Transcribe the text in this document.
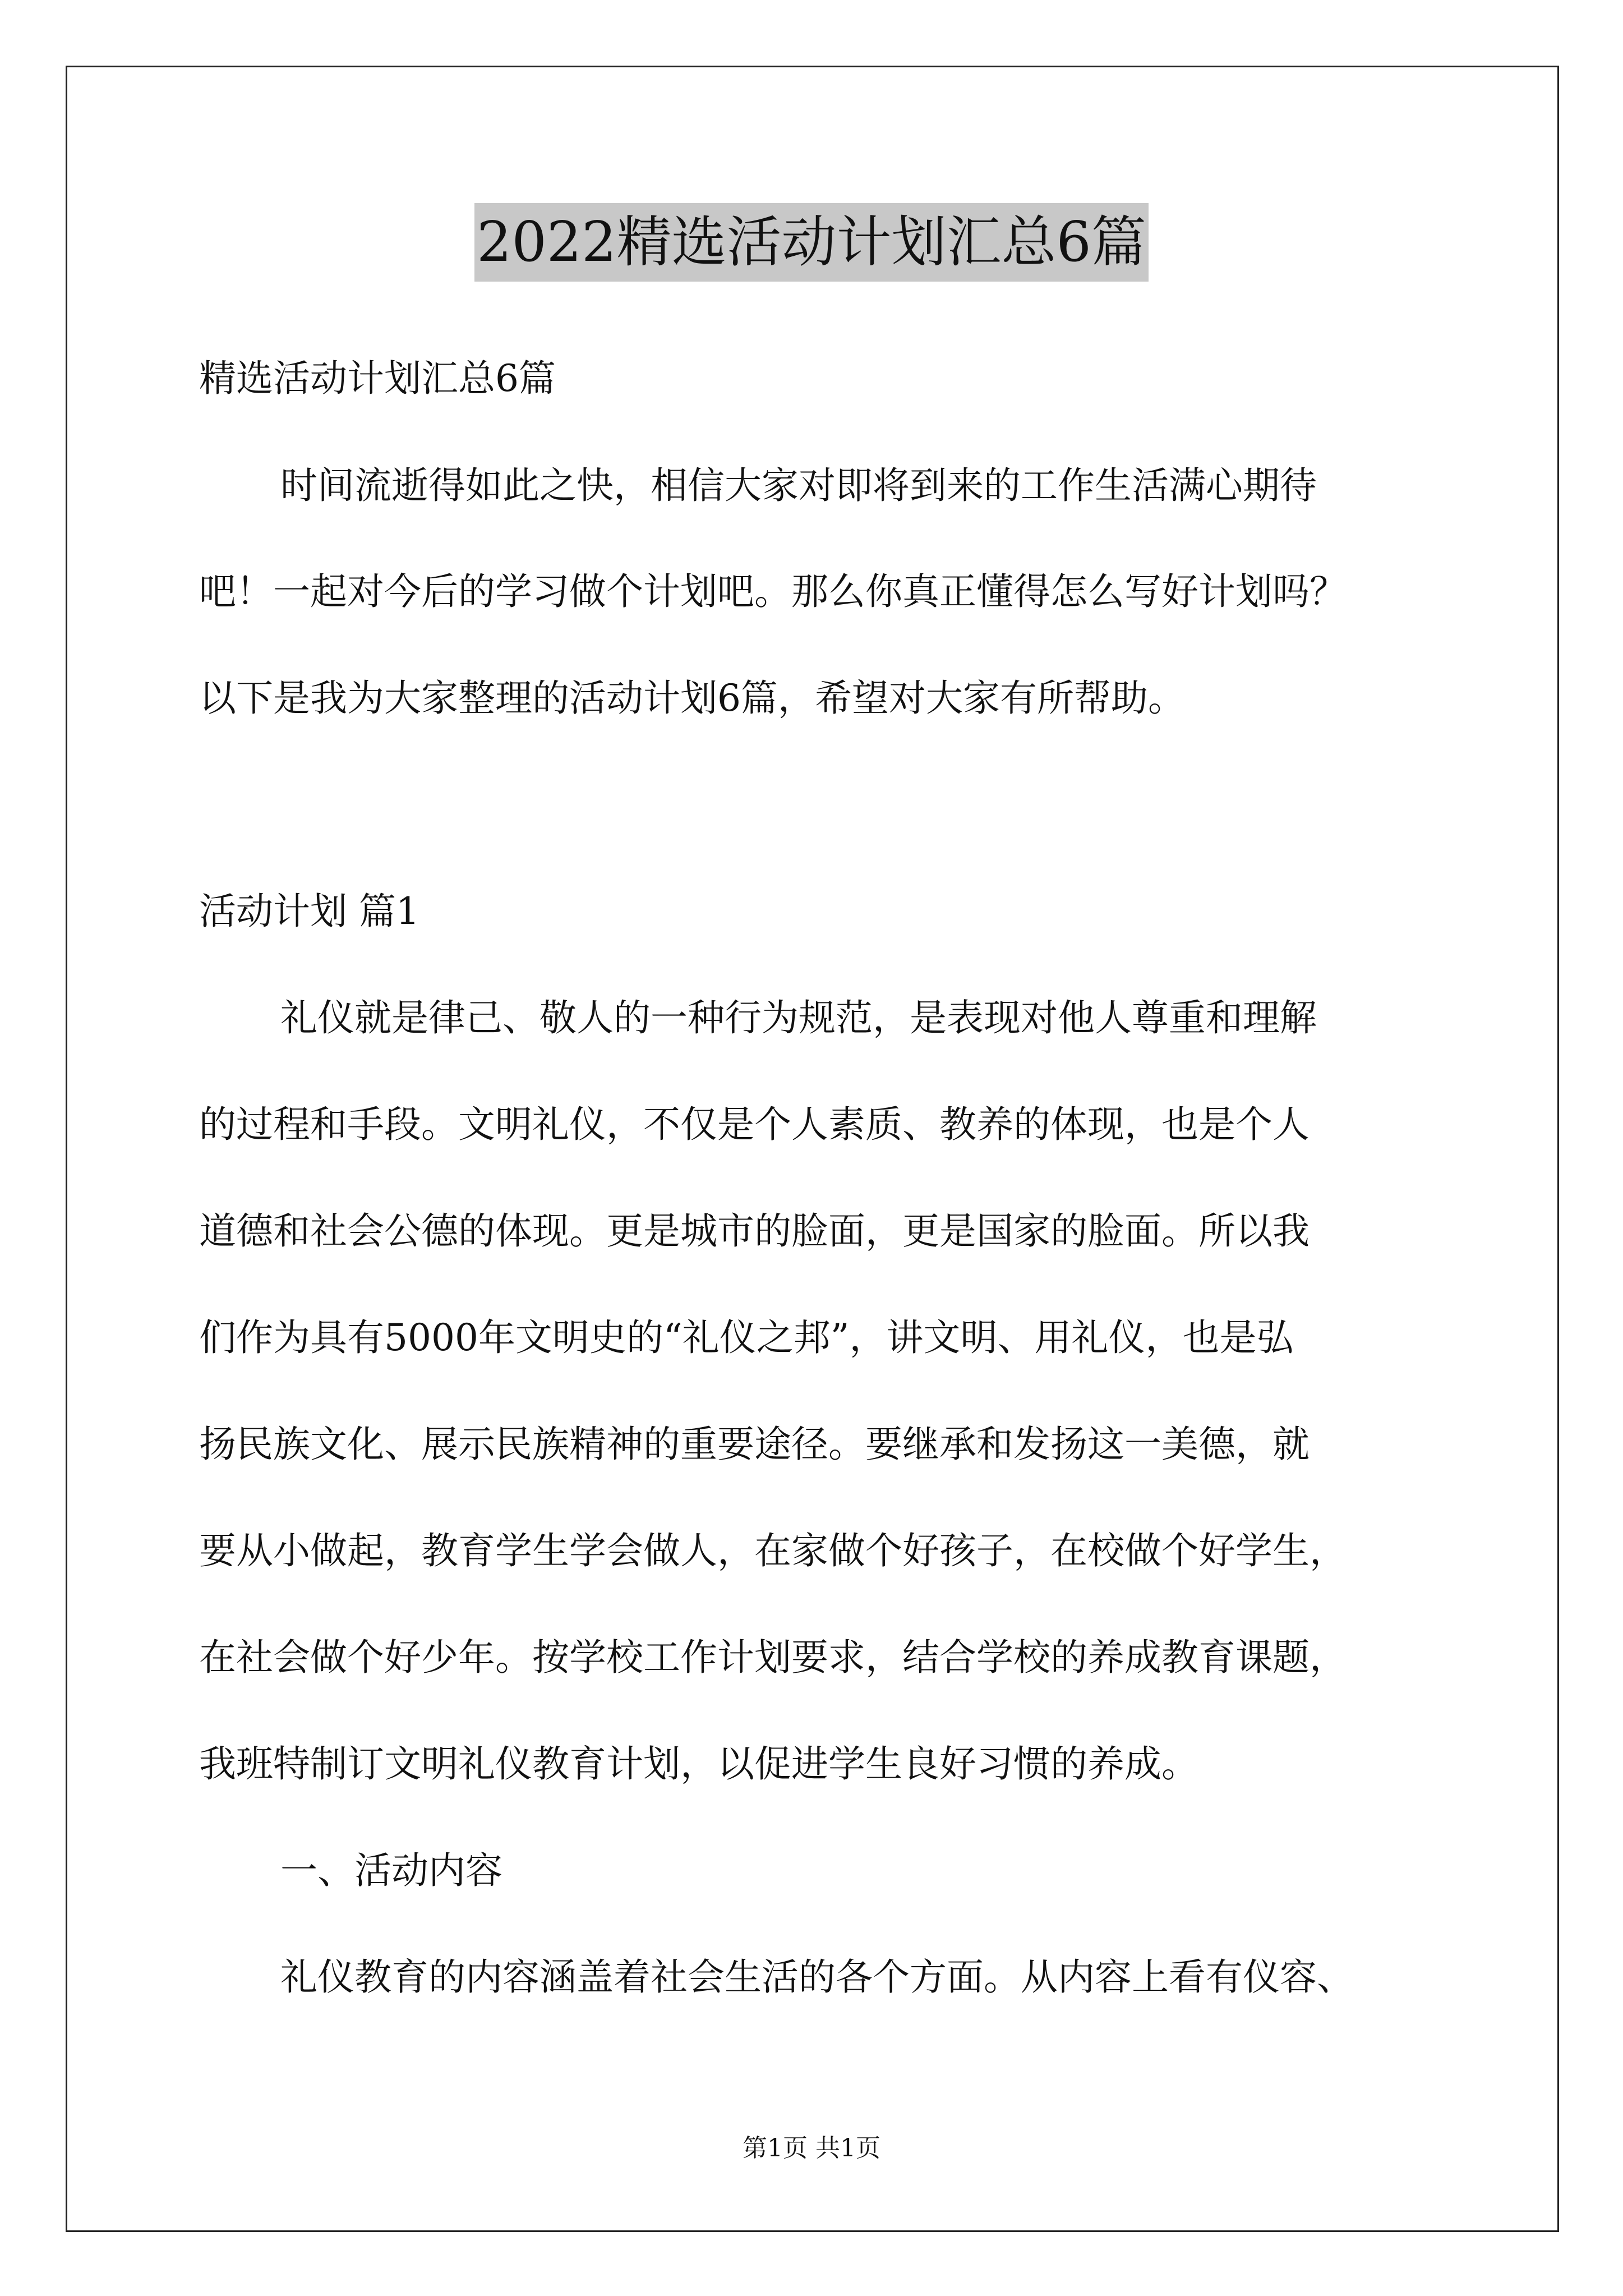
2022精选活动计划汇总6篇

精选活动计划汇总6篇

时间流逝得如此之快，相信大家对即将到来的工作生活满心期待

吧！一起对今后的学习做个计划吧。那么你真正懂得怎么写好计划吗？

以下是我为大家整理的活动计划6篇，希望对大家有所帮助。

活动计划 篇1

礼仪就是律己、敬人的一种行为规范，是表现对他人尊重和理解

的过程和手段。文明礼仪，不仅是个人素质、教养的体现，也是个人

道德和社会公德的体现。更是城市的脸面，更是国家的脸面。所以我

们作为具有5000年文明史的“礼仪之邦”，讲文明、用礼仪，也是弘

扬民族文化、展示民族精神的重要途径。要继承和发扬这一美德，就

要从小做起，教育学生学会做人，在家做个好孩子，在校做个好学生，

在社会做个好少年。按学校工作计划要求，结合学校的养成教育课题，

我班特制订文明礼仪教育计划，以促进学生良好习惯的养成。

一、活动内容

礼仪教育的内容涵盖着社会生活的各个方面。从内容上看有仪容、

第1页 共1页
